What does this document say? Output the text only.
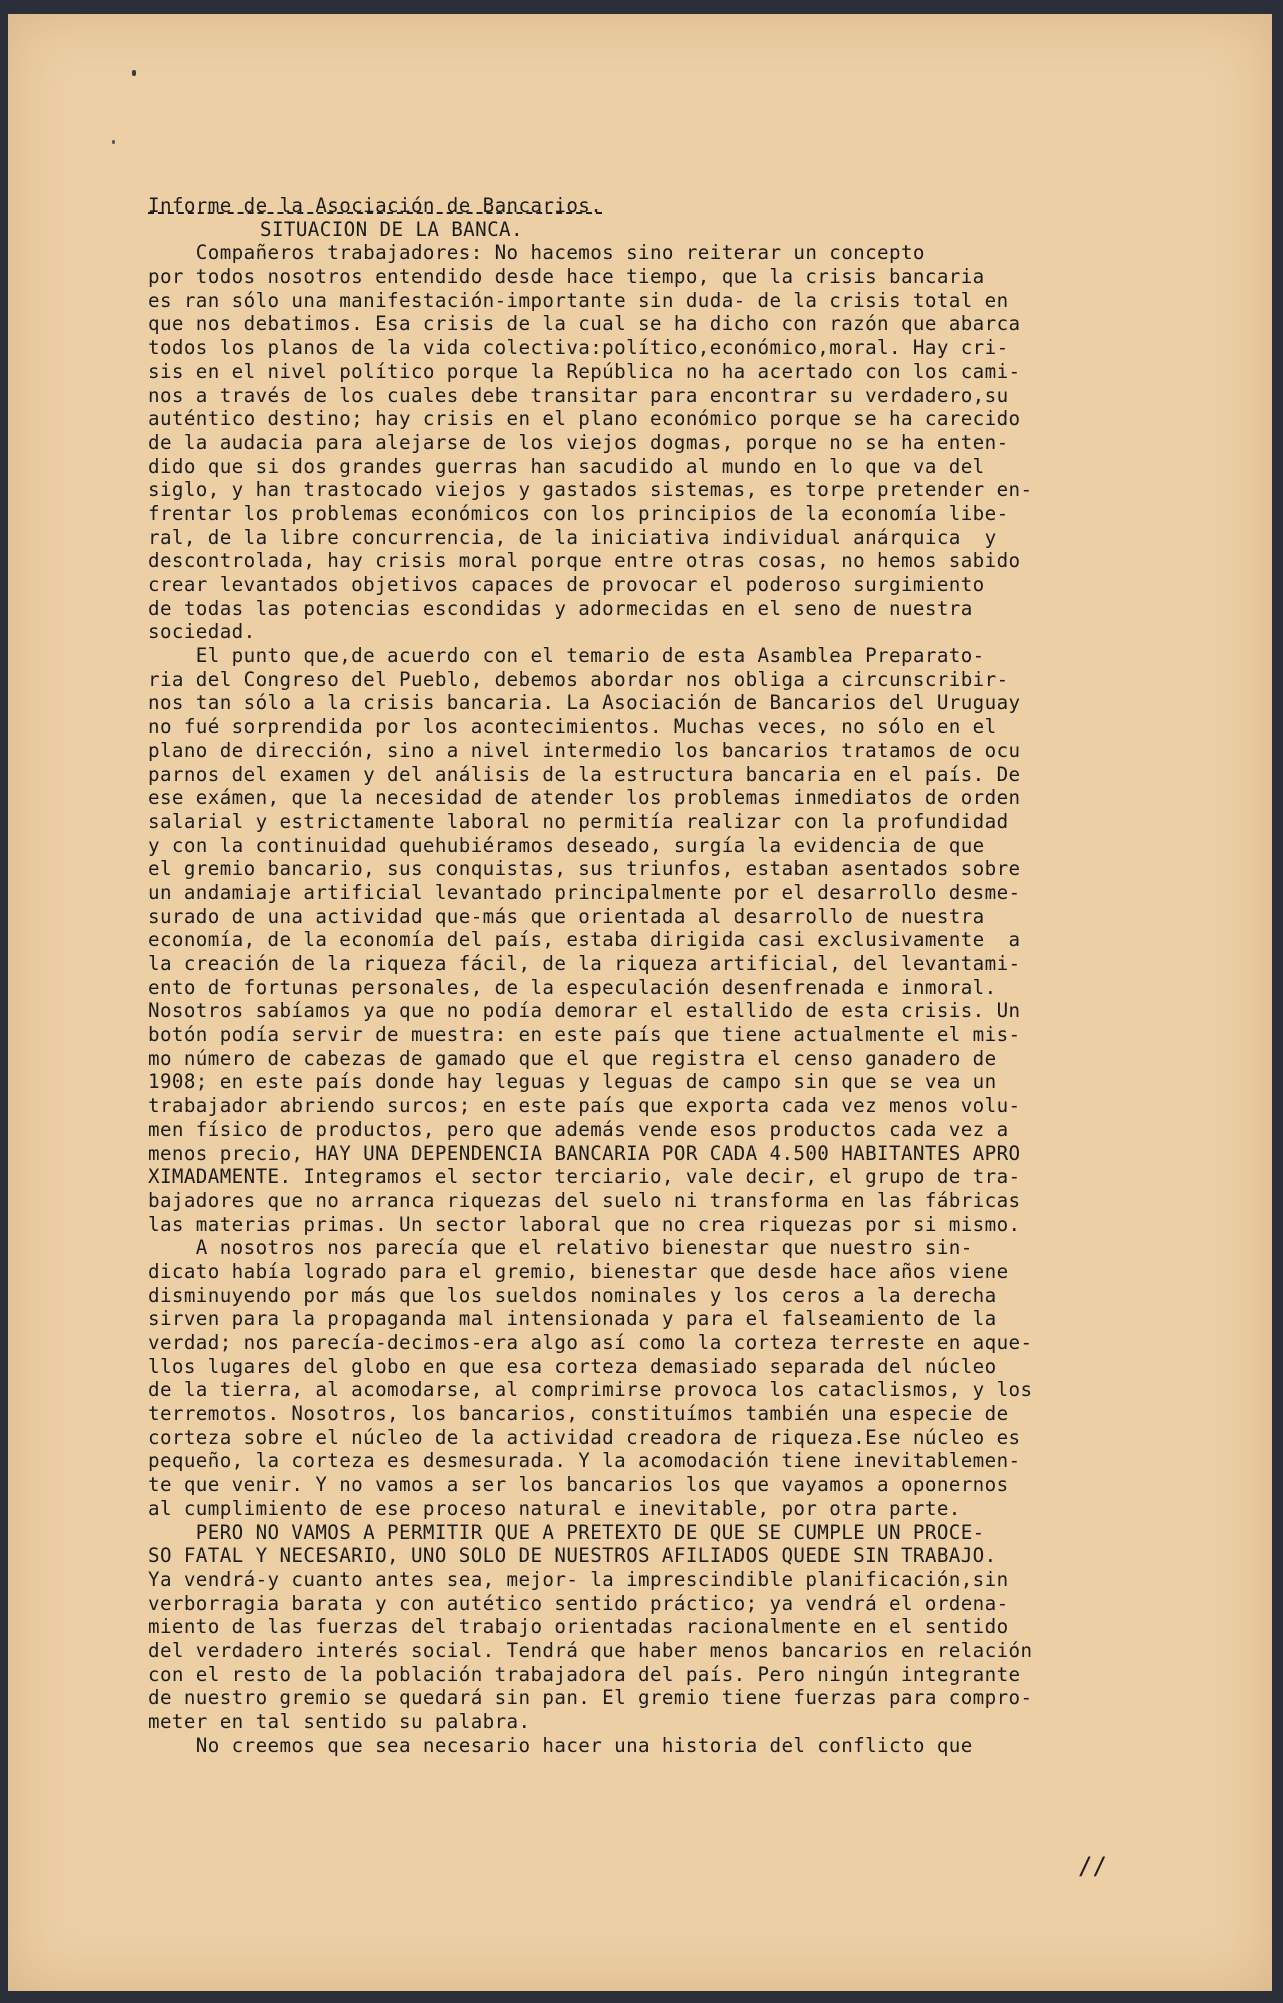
Informe de la Asociación de Bancarios.
SITUACION DE LA BANCA.
Compañeros trabajadores: No hacemos sino reiterar un concepto
por todos nosotros entendido desde hace tiempo, que la crisis bancaria
es ran sólo una manifestación-importante sin duda- de la crisis total en
que nos debatimos. Esa crisis de la cual se ha dicho con razón que abarca
todos los planos de la vida colectiva:político,económico,moral. Hay cri-
sis en el nivel político porque la República no ha acertado con los cami-
nos a través de los cuales debe transitar para encontrar su verdadero,su
auténtico destino; hay crisis en el plano económico porque se ha carecido
de la audacia para alejarse de los viejos dogmas, porque no se ha enten-
dido que si dos grandes guerras han sacudido al mundo en lo que va del
siglo, y han trastocado viejos y gastados sistemas, es torpe pretender en-
frentar los problemas económicos con los principios de la economía libe-
ral, de la libre concurrencia, de la iniciativa individual anárquica  y
descontrolada, hay crisis moral porque entre otras cosas, no hemos sabido
crear levantados objetivos capaces de provocar el poderoso surgimiento
de todas las potencias escondidas y adormecidas en el seno de nuestra
sociedad.
El punto que,de acuerdo con el temario de esta Asamblea Preparato-
ria del Congreso del Pueblo, debemos abordar nos obliga a circunscribir-
nos tan sólo a la crisis bancaria. La Asociación de Bancarios del Uruguay
no fué sorprendida por los acontecimientos. Muchas veces, no sólo en el
plano de dirección, sino a nivel intermedio los bancarios tratamos de ocu
parnos del examen y del análisis de la estructura bancaria en el país. De
ese exámen, que la necesidad de atender los problemas inmediatos de orden
salarial y estrictamente laboral no permitía realizar con la profundidad
y con la continuidad quehubiéramos deseado, surgía la evidencia de que
el gremio bancario, sus conquistas, sus triunfos, estaban asentados sobre
un andamiaje artificial levantado principalmente por el desarrollo desme-
surado de una actividad que-más que orientada al desarrollo de nuestra
economía, de la economía del país, estaba dirigida casi exclusivamente  a
la creación de la riqueza fácil, de la riqueza artificial, del levantami-
ento de fortunas personales, de la especulación desenfrenada e inmoral.
Nosotros sabíamos ya que no podía demorar el estallido de esta crisis. Un
botón podía servir de muestra: en este país que tiene actualmente el mis-
mo número de cabezas de gamado que el que registra el censo ganadero de
1908; en este país donde hay leguas y leguas de campo sin que se vea un
trabajador abriendo surcos; en este país que exporta cada vez menos volu-
men físico de productos, pero que además vende esos productos cada vez a
menos precio, HAY UNA DEPENDENCIA BANCARIA POR CADA 4.500 HABITANTES APRO
XIMADAMENTE. Integramos el sector terciario, vale decir, el grupo de tra-
bajadores que no arranca riquezas del suelo ni transforma en las fábricas
las materias primas. Un sector laboral que no crea riquezas por si mismo.
A nosotros nos parecía que el relativo bienestar que nuestro sin-
dicato había logrado para el gremio, bienestar que desde hace años viene
disminuyendo por más que los sueldos nominales y los ceros a la derecha
sirven para la propaganda mal intensionada y para el falseamiento de la
verdad; nos parecía-decimos-era algo así como la corteza terreste en aque-
llos lugares del globo en que esa corteza demasiado separada del núcleo
de la tierra, al acomodarse, al comprimirse provoca los cataclismos, y los
terremotos. Nosotros, los bancarios, constituímos también una especie de
corteza sobre el núcleo de la actividad creadora de riqueza.Ese núcleo es
pequeño, la corteza es desmesurada. Y la acomodación tiene inevitablemen-
te que venir. Y no vamos a ser los bancarios los que vayamos a oponernos
al cumplimiento de ese proceso natural e inevitable, por otra parte.
PERO NO VAMOS A PERMITIR QUE A PRETEXTO DE QUE SE CUMPLE UN PROCE-
SO FATAL Y NECESARIO, UNO SOLO DE NUESTROS AFILIADOS QUEDE SIN TRABAJO.
Ya vendrá-y cuanto antes sea, mejor- la imprescindible planificación,sin
verborragia barata y con autético sentido práctico; ya vendrá el ordena-
miento de las fuerzas del trabajo orientadas racionalmente en el sentido
del verdadero interés social. Tendrá que haber menos bancarios en relación
con el resto de la población trabajadora del país. Pero ningún integrante
de nuestro gremio se quedará sin pan. El gremio tiene fuerzas para compro-
meter en tal sentido su palabra.
No creemos que sea necesario hacer una historia del conflicto que
//
